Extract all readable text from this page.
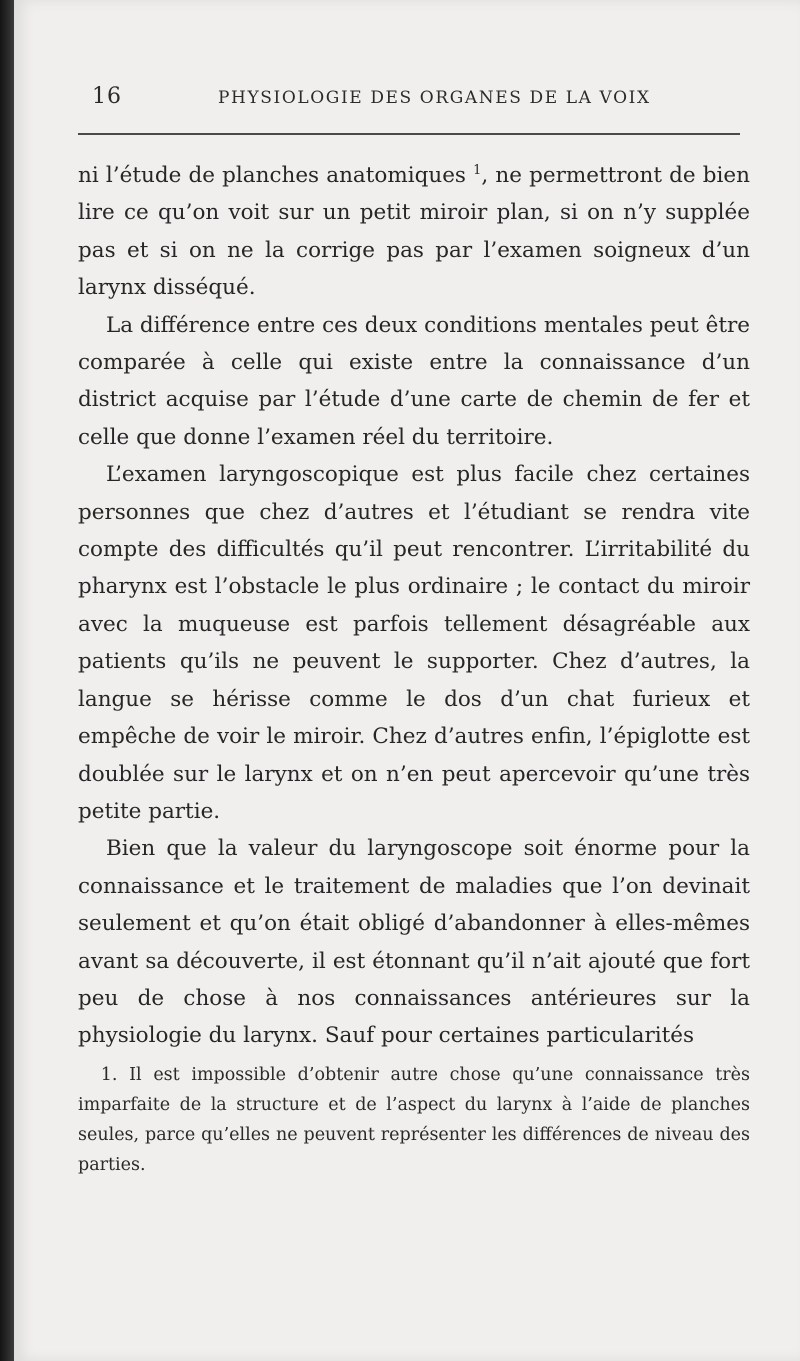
16	PHYSIOLOGIE DES ORGANES DE LA VOIX

ni l’étude de planches anatomiques $^1$, ne permettront de bien lire ce qu’on voit sur un petit miroir plan, si on n’y supplée pas et si on ne la corrige pas par l’examen soigneux d’un larynx disséqué.

La différence entre ces deux conditions mentales peut être comparée à celle qui existe entre la connaissance d’un district acquise par l’étude d’une carte de chemin de fer et celle que donne l’examen réel du territoire.

L’examen laryngoscopique est plus facile chez certaines personnes que chez d’autres et l’étudiant se rendra vite compte des difficultés qu’il peut rencontrer. L’irritabilité du pharynx est l’obstacle le plus ordinaire ; le contact du miroir avec la muqueuse est parfois tellement désagréable aux patients qu’ils ne peuvent le supporter. Chez d’autres, la langue se hérisse comme le dos d’un chat furieux et empêche de voir le miroir. Chez d’autres enfin, l’épiglotte est doublée sur le larynx et on n’en peut apercevoir qu’une très petite partie.

Bien que la valeur du laryngoscope soit énorme pour la connaissance et le traitement de maladies que l’on devinait seulement et qu’on était obligé d’abandonner à elles-mêmes avant sa découverte, il est étonnant qu’il n’ait ajouté que fort peu de chose à nos connaissances antérieures sur la physiologie du larynx. Sauf pour certaines particularités

1. Il est impossible d’obtenir autre chose qu’une connaissance très imparfaite de la structure et de l’aspect du larynx à l’aide de planches seules, parce qu’elles ne peuvent représenter les différences de niveau des parties.
